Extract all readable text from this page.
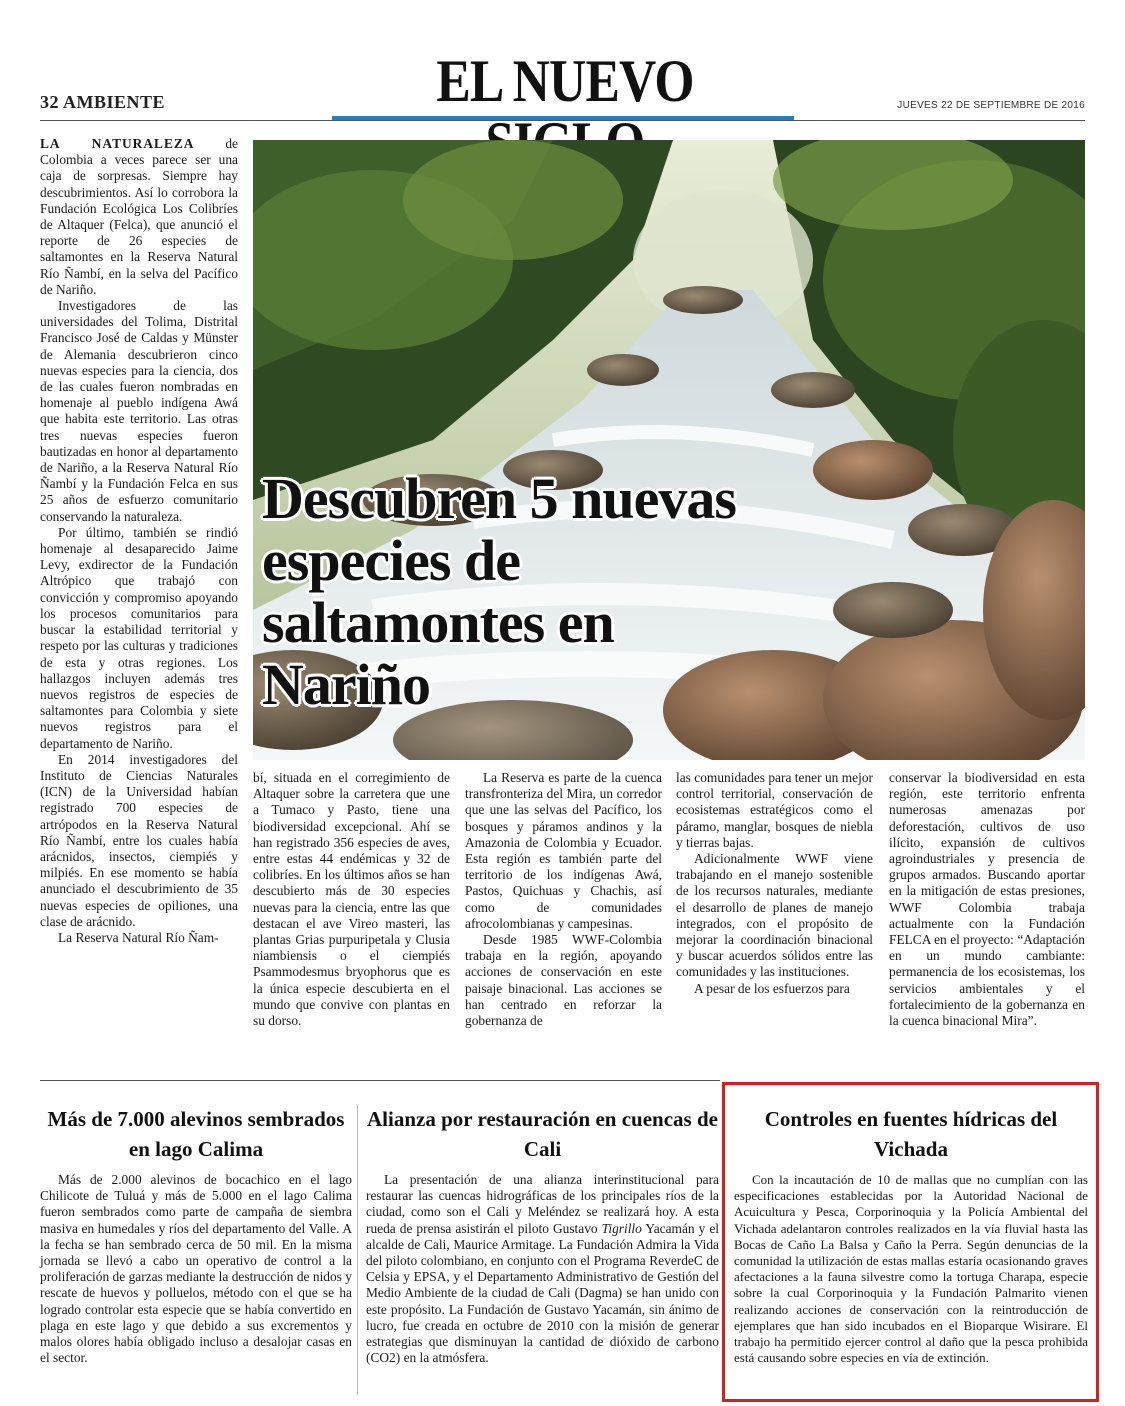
32 AMBIENTE	EL NUEVO	JUEVES 22 DE SEPTIEMBRE DE 2016

LA NATURALEZA de Colombia a veces parece ser una caja de sorpresas. Siempre hay descubrimientos. Así lo corrobora la Fundación Ecológica Los Colibríes de Altaquer (Felca), que anunció el reporte de 26 especies de saltamontes en la Reserva Natural Río Ñambí, en la selva del Pacífico de Nariño.

Investigadores de las universidades del Tolima, Distrital Francisco José de Caldas y Münster de Alemania descubrieron cinco nuevas especies para la ciencia, dos de las cuales fueron nombradas en homenaje al pueblo indígena Awá que habita este territorio. Las otras tres nuevas especies fueron bautizadas en honor al departamento de Nariño, a la Reserva Natural Río Ñambí y la Fundación Felca en sus 25 años de esfuerzo comunitario conservando la naturaleza.

Por último, también se rindió homenaje al desaparecido Jaime Levy, exdirector de la Fundación Altrópico que trabajó con convicción y compromiso apoyando los procesos comunitarios para buscar la estabilidad territorial y respeto por las culturas y tradiciones de esta y otras regiones. Los hallazgos incluyen además tres nuevos registros de especies de saltamontes para Colombia y siete nuevos registros para el departamento de Nariño.

En 2014 investigadores del Instituto de Ciencias Naturales (ICN) de la Universidad habían registrado 700 especies de artrópodos en la Reserva Natural Río Ñambí, entre los cuales había arácnidos, insectos, ciempiés y milpiés. En ese momento se había anunciado el descubrimiento de 35 nuevas especies de opiliones, una clase de arácnido.

La Reserva Natural Río Ñam-

Descubren 5 nuevas especies de saltamontes en Nariño

bí, situada en el corregimiento de Altaquer sobre la carretera que une a Tumaco y Pasto, tiene una biodiversidad excepcional. Ahí se han registrado 356 especies de aves, entre estas 44 endémicas y 32 de colibríes. En los últimos años se han descubierto más de 30 especies nuevas para la ciencia, entre las que destacan el ave Vireo masteri, las plantas Grias purpuripetala y Clusia niambiensis o el ciempiés Psammodesmus bryophorus que es la única especie descubierta en el mundo que convive con plantas en su dorso.

La Reserva es parte de la cuenca transfronteriza del Mira, un corredor que une las selvas del Pacífico, los bosques y páramos andinos y la Amazonia de Colombia y Ecuador. Esta región es también parte del territorio de los indígenas Awá, Pastos, Quichuas y Chachis, así como de comunidades afrocolombianas y campesinas.

Desde 1985 WWF-Colombia trabaja en la región, apoyando acciones de conservación en este paisaje binacional. Las acciones se han centrado en reforzar la gobernanza de

las comunidades para tener un mejor control territorial, conservación de ecosistemas estratégicos como el páramo, manglar, bosques de niebla y tierras bajas.

Adicionalmente WWF viene trabajando en el manejo sostenible de los recursos naturales, mediante el desarrollo de planes de manejo integrados, con el propósito de mejorar la coordinación binacional y buscar acuerdos sólidos entre las comunidades y las instituciones.

A pesar de los esfuerzos para

conservar la biodiversidad en esta región, este territorio enfrenta numerosas amenazas por deforestación, cultivos de uso ilícito, expansión de cultivos agroindustriales y presencia de grupos armados. Buscando aportar en la mitigación de estas presiones, WWF Colombia trabaja actualmente con la Fundación FELCA en el proyecto: “Adaptación en un mundo cambiante: permanencia de los ecosistemas, los servicios ambientales y el fortalecimiento de la gobernanza en la cuenca binacional Mira”.

Más de 7.000 alevinos sembrados en lago Calima

Más de 2.000 alevinos de bocachico en el lago Chilicote de Tuluá y más de 5.000 en el lago Calima fueron sembrados como parte de campaña de siembra masiva en humedales y ríos del departamento del Valle. A la fecha se han sembrado cerca de 50 mil. En la misma jornada se llevó a cabo un operativo de control a la proliferación de garzas mediante la destrucción de nidos y rescate de huevos y polluelos, método con el que se ha logrado controlar esta especie que se había convertido en plaga en este lago y que debido a sus excrementos y malos olores había obligado incluso a desalojar casas en el sector.

Alianza por restauración en cuencas de Cali

La presentación de una alianza interinstitucional para restaurar las cuencas hidrográficas de los principales ríos de la ciudad, como son el Cali y Meléndez se realizará hoy. A esta rueda de prensa asistirán el piloto Gustavo Tigrillo Yacamán y el alcalde de Cali, Maurice Armitage. La Fundación Admira la Vida del piloto colombiano, en conjunto con el Programa ReverdeC de Celsia y EPSA, y el Departamento Administrativo de Gestión del Medio Ambiente de la ciudad de Cali (Dagma) se han unido con este propósito. La Fundación de Gustavo Yacamán, sin ánimo de lucro, fue creada en octubre de 2010 con la misión de generar estrategias que disminuyan la cantidad de dióxido de carbono (CO2) en la atmósfera.

Controles en fuentes hídricas del Vichada

Con la incautación de 10 de mallas que no cumplían con las especificaciones establecidas por la Autoridad Nacional de Acuicultura y Pesca, Corporinoquia y la Policía Ambiental del Vichada adelantaron controles realizados en la vía fluvial hasta las Bocas de Caño La Balsa y Caño la Perra. Según denuncias de la comunidad la utilización de estas mallas estaría ocasionando graves afectaciones a la fauna silvestre como la tortuga Charapa, especie sobre la cual Corporinoquia y la Fundación Palmarito vienen realizando acciones de conservación con la reintroducción de ejemplares que han sido incubados en el Bioparque Wisirare. El trabajo ha permitido ejercer control al daño que la pesca prohibida está causando sobre especies en vía de extinción.
